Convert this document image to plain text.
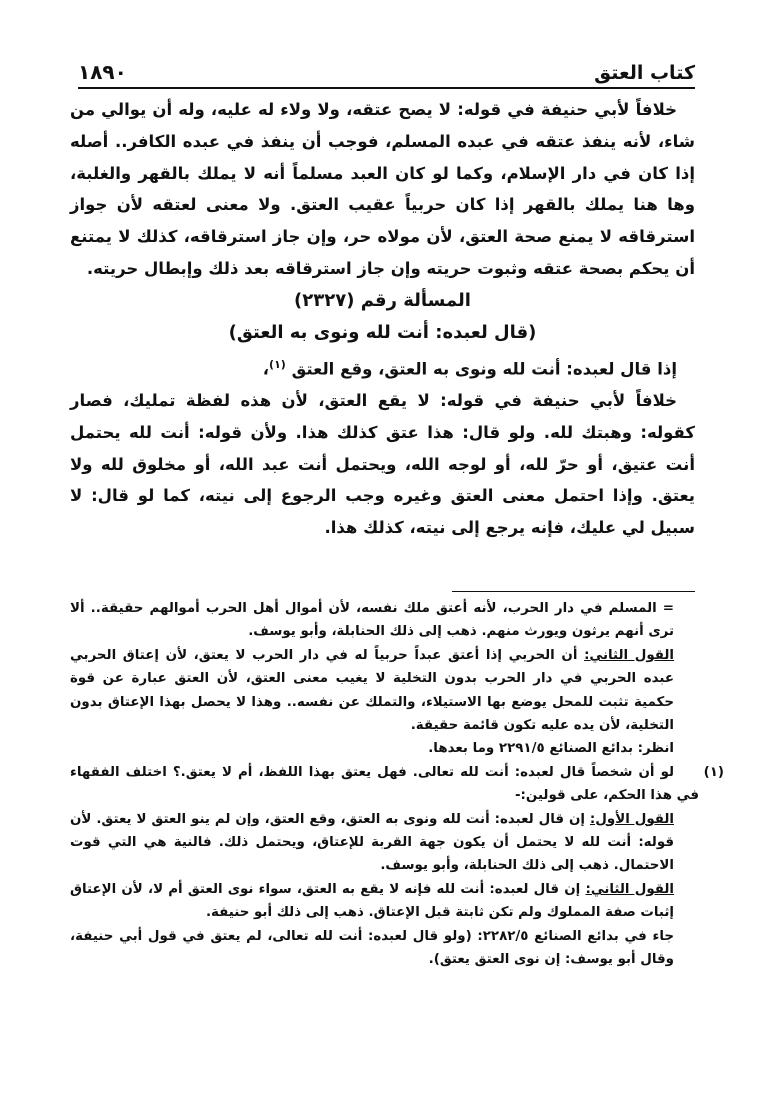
كتاب العتق
١٨٩٠

خلافاً لأبي حنيفة في قوله: لا يصح عتقه، ولا ولاء له عليه، وله أن يوالي من شاء، لأنه ينفذ عتقه في عبده المسلم، فوجب أن ينفذ في عبده الكافر.. أصله إذا كان في دار الإسلام، وكما لو كان العبد مسلماً أنه لا يملك بالقهر والغلبة، وها هنا يملك بالقهر إذا كان حربياً عقيب العتق. ولا معنى لعتقه لأن جواز استرقاقه لا يمنع صحة العتق، لأن مولاه حر، وإن جاز استرقاقه، كذلك لا يمتنع أن يحكم بصحة عتقه وثبوت حريته وإن جاز استرقاقه بعد ذلك وإبطال حريته.

المسألة رقم (٢٣٢٧)

(قال لعبده: أنت لله ونوى به العتق)

إذا قال لعبده: أنت لله ونوى به العتق، وقع العتق $^{(١)}$،

خلافاً لأبي حنيفة في قوله: لا يقع العتق، لأن هذه لفظة تمليك، فصار كقوله: وهبتك لله. ولو قال: هذا عتق كذلك هذا. ولأن قوله: أنت لله يحتمل أنت عتيق، أو حرّ لله، أو لوجه الله، ويحتمل أنت عبد الله، أو مخلوق لله ولا يعتق. وإذا احتمل معنى العتق وغيره وجب الرجوع إلى نيته، كما لو قال: لا سبيل لي عليك، فإنه يرجع إلى نيته، كذلك هذا.

=المسلم في دار الحرب، لأنه أعتق ملك نفسه، لأن أموال أهل الحرب أموالهم حقيقة.. ألا ترى أنهم يرثون ويورث منهم. ذهب إلى ذلك الحنابلة، وأبو يوسف.

القول الثاني: أن الحربي إذا أعتق عبداً حربياً له في دار الحرب لا يعتق، لأن إعتاق الحربي عبده الحربي في دار الحرب بدون التخلية لا يغيب معنى العتق، لأن العتق عبارة عن قوة حكمية تثبت للمحل يوضع بها الاستيلاء، والتملك عن نفسه.. وهذا لا يحصل بهذا الإعتاق بدون التخلية، لأن يده عليه تكون قائمة حقيقة.

انظر: بدائع الصنائع ٢٢٩١/٥ وما بعدها.

(١)لو أن شخصاً قال لعبده: أنت لله تعالى. فهل يعتق بهذا اللفظ، أم لا يعتق.؟ اختلف الفقهاء في هذا الحكم، على قولين:-

القول الأول: إن قال لعبده: أنت لله ونوى به العتق، وقع العتق، وإن لم ينو العتق لا يعتق. لأن قوله: أنت لله لا يحتمل أن يكون جهة القربة للإعتاق، ويحتمل ذلك. فالنية هي التي قوت الاحتمال. ذهب إلى ذلك الحنابلة، وأبو يوسف.

القول الثاني: إن قال لعبده: أنت لله فإنه لا يقع به العتق، سواء نوى العتق أم لا، لأن الإعتاق إثبات صفة المملوك ولم تكن ثابتة قبل الإعتاق. ذهب إلى ذلك أبو حنيفة.

جاء في بدائع الصنائع ٢٢٨٢/٥: (ولو قال لعبده: أنت لله تعالى، لم يعتق في قول أبي حنيفة، وقال أبو يوسف: إن نوى العتق يعتق).
